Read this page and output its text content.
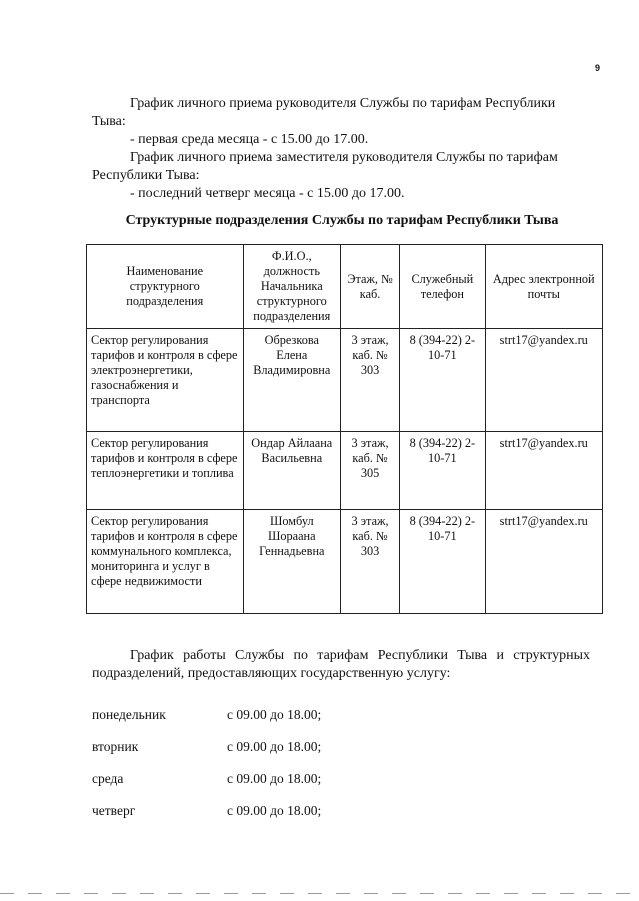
9

График личного приема руководителя Службы по тарифам Республики Тыва:

- первая среда месяца - с 15.00 до 17.00.

График личного приема заместителя руководителя Службы по тарифам Республики Тыва:

- последний четверг месяца - с 15.00 до 17.00.

Структурные подразделения Службы по тарифам Республики Тыва
Наименование структурного подразделения	Ф.И.О., должность Начальника структурного подразделения	Этаж, № каб.	Служебный телефон	Адрес электронной почты
Сектор регулирования тарифов и контроля в сфере электроэнергетики, газоснабжения и транспорта	Обрезкова Елена Владимировна	3 этаж, каб. № 303	8 (394-22) 2-10-71	strt17@yandex.ru
Сектор регулирования тарифов и контроля в сфере теплоэнергетики и топлива	Ондар Айлаана Васильевна	3 этаж, каб. № 305	8 (394-22) 2-10-71	strt17@yandex.ru
Сектор регулирования тарифов и контроля в сфере коммунального комплекса, мониторинга и услуг в сфере недвижимости	Шомбул Шораана Геннадьевна	3 этаж, каб. № 303	8 (394-22) 2-10-71	strt17@yandex.ru

График работы Службы по тарифам Республики Тыва и структурных подразделений, предоставляющих государственную услугу:

понедельник	с 09.00 до 18.00;
вторник	с 09.00 до 18.00;
среда	с 09.00 до 18.00;
четверг	с 09.00 до 18.00;
